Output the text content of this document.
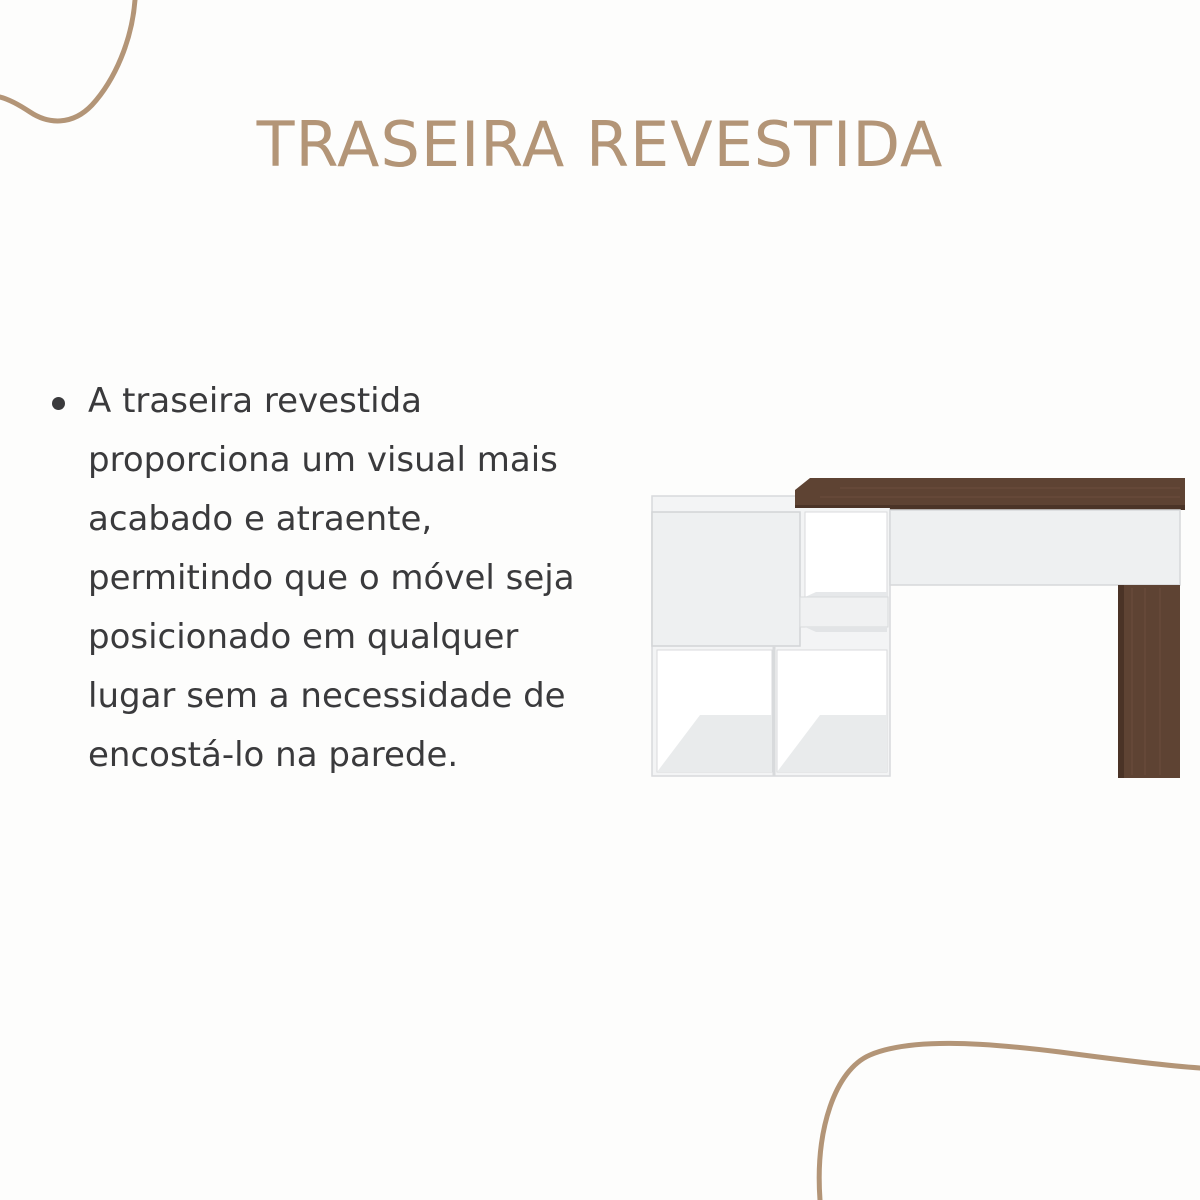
TRASEIRA REVESTIDA

A traseira revestida proporciona um visual mais acabado e atraente, permitindo que o móvel seja posicionado em qualquer lugar sem a necessidade de encostá-lo na parede.
